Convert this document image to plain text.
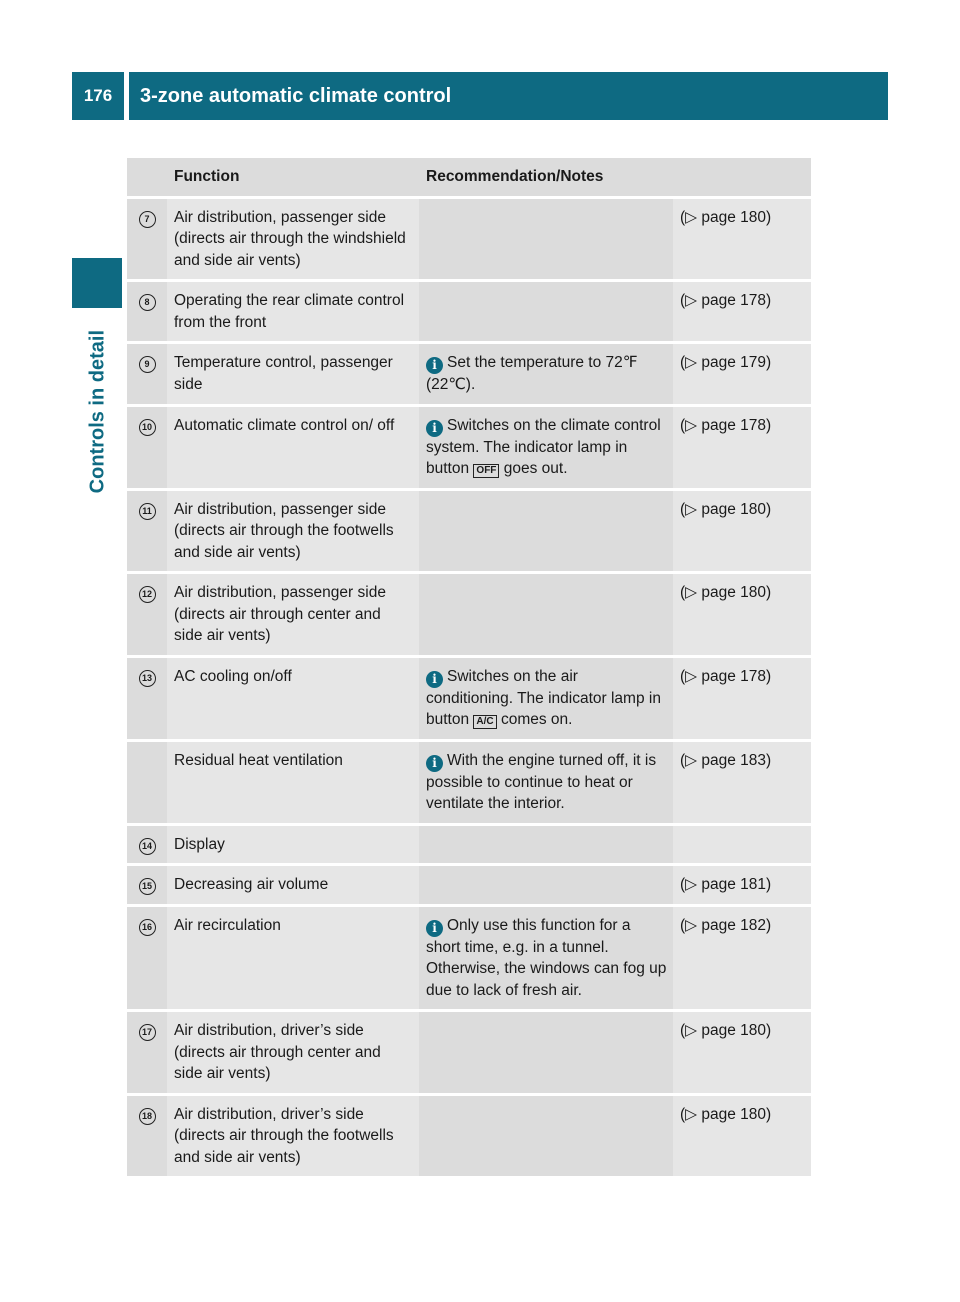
176	3-zone automatic climate control
Controls in detail
	Function	Recommendation/Notes	
7	Air distribution, passenger side (directs air through the windshield and side air vents)		(▷ page 180)
8	Operating the rear climate control from the front		(▷ page 178)
9	Temperature control, passenger side	i Set the temperature to 72℉ (22℃).	(▷ page 179)
10	Automatic climate control on/ off	i Switches on the climate control system. The indicator lamp in button OFF goes out.	(▷ page 178)
11	Air distribution, passenger side (directs air through the footwells and side air vents)		(▷ page 180)
12	Air distribution, passenger side (directs air through center and side air vents)		(▷ page 180)
13	AC cooling on/off	i Switches on the air conditioning. The indicator lamp in button A/C comes on.	(▷ page 178)
	Residual heat ventilation	i With the engine turned off, it is possible to continue to heat or ventilate the interior.	(▷ page 183)
14	Display		
15	Decreasing air volume		(▷ page 181)
16	Air recirculation	i Only use this function for a short time, e.g. in a tunnel. Otherwise, the windows can fog up due to lack of fresh air.	(▷ page 182)
17	Air distribution, driver’s side (directs air through center and side air vents)		(▷ page 180)
18	Air distribution, driver’s side (directs air through the footwells and side air vents)		(▷ page 180)
